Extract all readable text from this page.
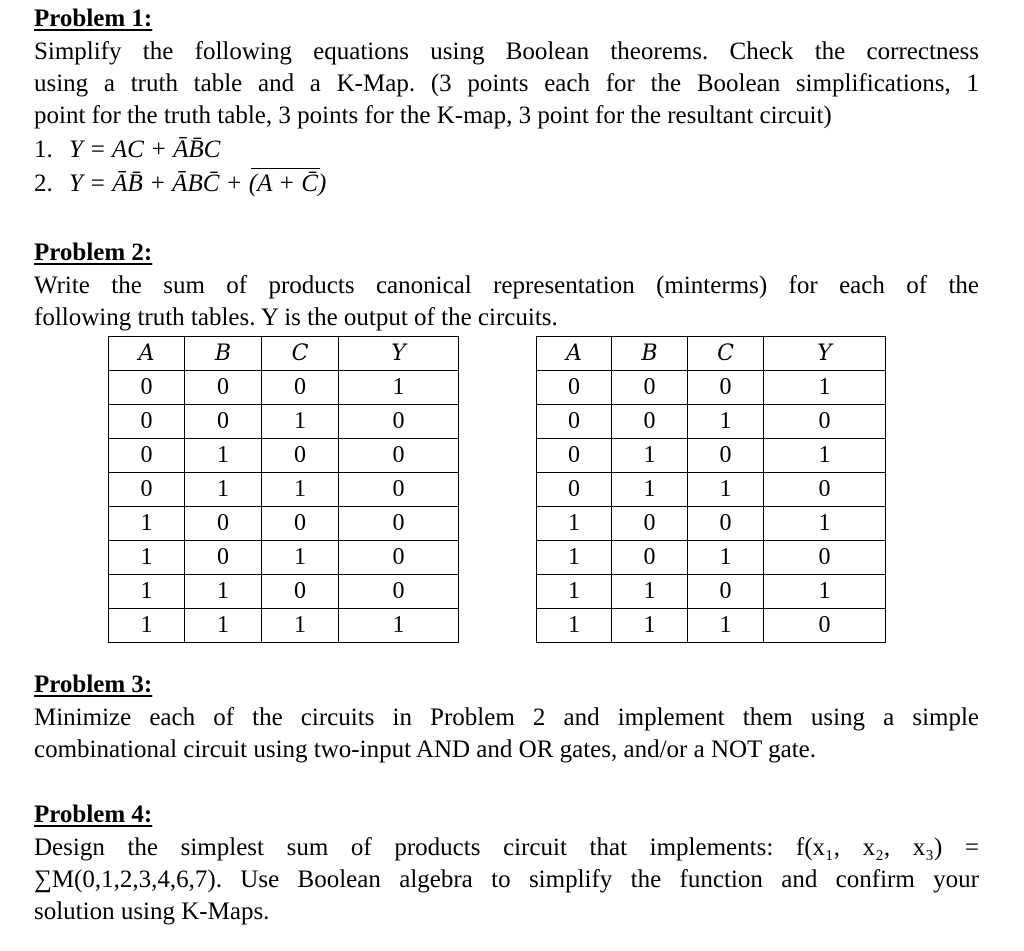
Problem 1:
Simplify the following equations using Boolean theorems. Check the correctness
using a truth table and a K-Map. (3 points each for the Boolean simplifications, 1
point for the truth table, 3 points for the K-map, 3 point for the resultant circuit)
1. Y = AC + ĀB̄C
2. Y = ĀB̄ + ĀBC̄ + (A + C̄)
Problem 2:
Write the sum of products canonical representation (minterms) for each of the
following truth tables. Y is the output of the circuits.
A	B	C	Y
0	0	0	1
0	0	1	0
0	1	0	0
0	1	1	0
1	0	0	0
1	0	1	0
1	1	0	0
1	1	1	1
A	B	C	Y
0	0	0	1
0	0	1	0
0	1	0	1
0	1	1	0
1	0	0	1
1	0	1	0
1	1	0	1
1	1	1	0
Problem 3:
Minimize each of the circuits in Problem 2 and implement them using a simple
combinational circuit using two-input AND and OR gates, and/or a NOT gate.
Problem 4:
Design the simplest sum of products circuit that implements: f(x₁, x₂, x₃) =
∑M(0,1,2,3,4,6,7). Use Boolean algebra to simplify the function and confirm your
solution using K-Maps.
